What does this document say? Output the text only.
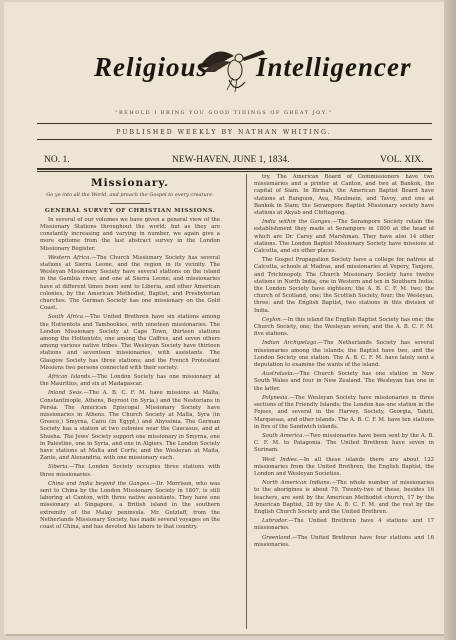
Religious Intelligencer
"BEHOLD I BRING YOU GOOD TIDINGS OF GREAT JOY."
PUBLISHED WEEKLY BY NATHAN WHITING.
NO. 1.	NEW-HAVEN, JUNE 1, 1834.	VOL. XIX.
Missionary.
Go ye into all the World, and preach the Gospel to every creature.
GENERAL SURVEY OF CHRISTIAN MISSIONS.

In several of our volumes we have given a general view of the Missionary Stations throughout the world; but as they are constantly increasing and varying in number, we again give a more epitome from the last abstract survey in the London Missionary Register.

Western Africa.—The Church Missionary Society has several stations at Sierra Leone, and the region in its vicinity. The Wesleyan Missionary Society have several stations on the island in the Gambia river, and one at Sierra Leone; and missionaries have at different times been sent to Liberia, and other American colonies, by the American Methodist, Baptist, and Presbyterian churches. The German Society has one missionary on the Gold Coast.

South Africa.—The United Brethren have six stations among the Hottentots and Tambookies, with nineteen missionaries. The London Missionary Society at Cape Town, thirteen stations among the Hottentots, one among the Caffres, and seven others among various native tribes. The Wesleyan Society have thirteen stations and seventeen missionaries, with assistants. The Glasgow Society has three stations; and the French Protestant Missions two persons connected with their society.

African Islands.—The London Society has one missionary at the Mauritius, and six at Madagascar.

Inland Seas.—The A. B. C. F. M. have missions at Malta, Constantinople, Athens, Beyroot (in Syria,) and the Nestorians in Persia. The American Episcopal Missionary Society have missionaries in Athens. The Church Society at Malta, Syra (in Greece,) Smyrna, Cairo (in Egypt,) and Abyssinia. The German Society has a station at two colonies near the Caucasus, and at Shusha. The Jews' Society support one missionary in Smyrna, one in Palestine, one in Syria, and one in Algiers. The London Society have stations at Malta and Corfu; and the Wesleyan at Malta, Zante, and Alexandria, with one missionary each.

Siberia.—The London Society occupies three stations with three missionaries.

China and India beyond the Ganges.—Dr. Morrison, who was sent to China by the London Missionary Society in 1807, is still laboring at Canton, with three native assistants. They have one missionary at Singapore, a British island in the southern extremity of the Malay peninsula. Mr. Gutzlaff, from the Netherlands Missionary Society, has made several voyages on the coast of China, and has devoted his labors to that country.

try. The American Board of Commissioners have two missionaries and a printer at Canton, and two at Bankok, the capital of Siam. In Birmah, the American Baptist Board have stations at Rangoon, Ava, Maulmein, and Tavoy, and one at Bankok in Siam; the Serampore Baptist Missionary society have stations at Akyab and Chittagong.

India within the Ganges.—The Serampore Society retain the establishment they made at Serampore in 1800 at the head of which are Dr. Carey and Marshman. They have also 14 other stations. The London Baptist Missionary Society have missions at Calcutta, and six other places.

The Gospel Propagation Society have a college for natives at Calcutta, schools at Madras, and missionaries at Vepery, Tanjore, and Trichinopoly. The Church Missionary Society have twelve stations in North India, one in Western and ten in Southern India; the London Society have eighteen; the A. B. C. F. M. two; the church of Scotland, one; the Scottish Society, four; the Wesleyan, three; and the English Baptist, two stations in this division of India.

Ceylon.—In this island the English Baptist Society has one; the Church Society, one; the Wesleyan seven; and the A. B. C. F. M. five stations.

Indian Archipelago.—The Netherlands Society has several missionaries among the islands; the Baptist have two, and the London Society one station. The A. B. C. F. M. have lately sent a deputation to examine the wants of the island.

Australasia.—The Church Society has one station in New South Wales and four in New Zealand. The Wesleyan has one in the latter.

Polynesia.—The Wesleyan Society have missionaries in three sections of the Friendly Islands; the London has one station in the Fejees, and several in the Harvey, Society, Georgia, Tahiti, Marquesas, and other islands. The A. B. C. F. M. have ten stations in five of the Sandwich islands.

South America.—Two missionaries have been sent by the A. B. C. F. M. to Patagonia. The United Brethren have seven in Surinam.

West Indies.—In all these islands there are about 122 missionaries from the United Brethren, the English Baptist, the London and Wesleyan Societies.

North American Indians.—The whole number of missionaries to the aborigines is about 70. Twenty-two of these, besides 16 teachers, are sent by the American Methodist church, 17 by the American Baptist, 28 by the A. B. C. F. M. and the rest by the English Church Society and the United Brethren.

Labrador.—The United Brethren have 4 stations and 17 missionaries.

Greenland.—The United Brethren have four stations and 16 missionaries.
